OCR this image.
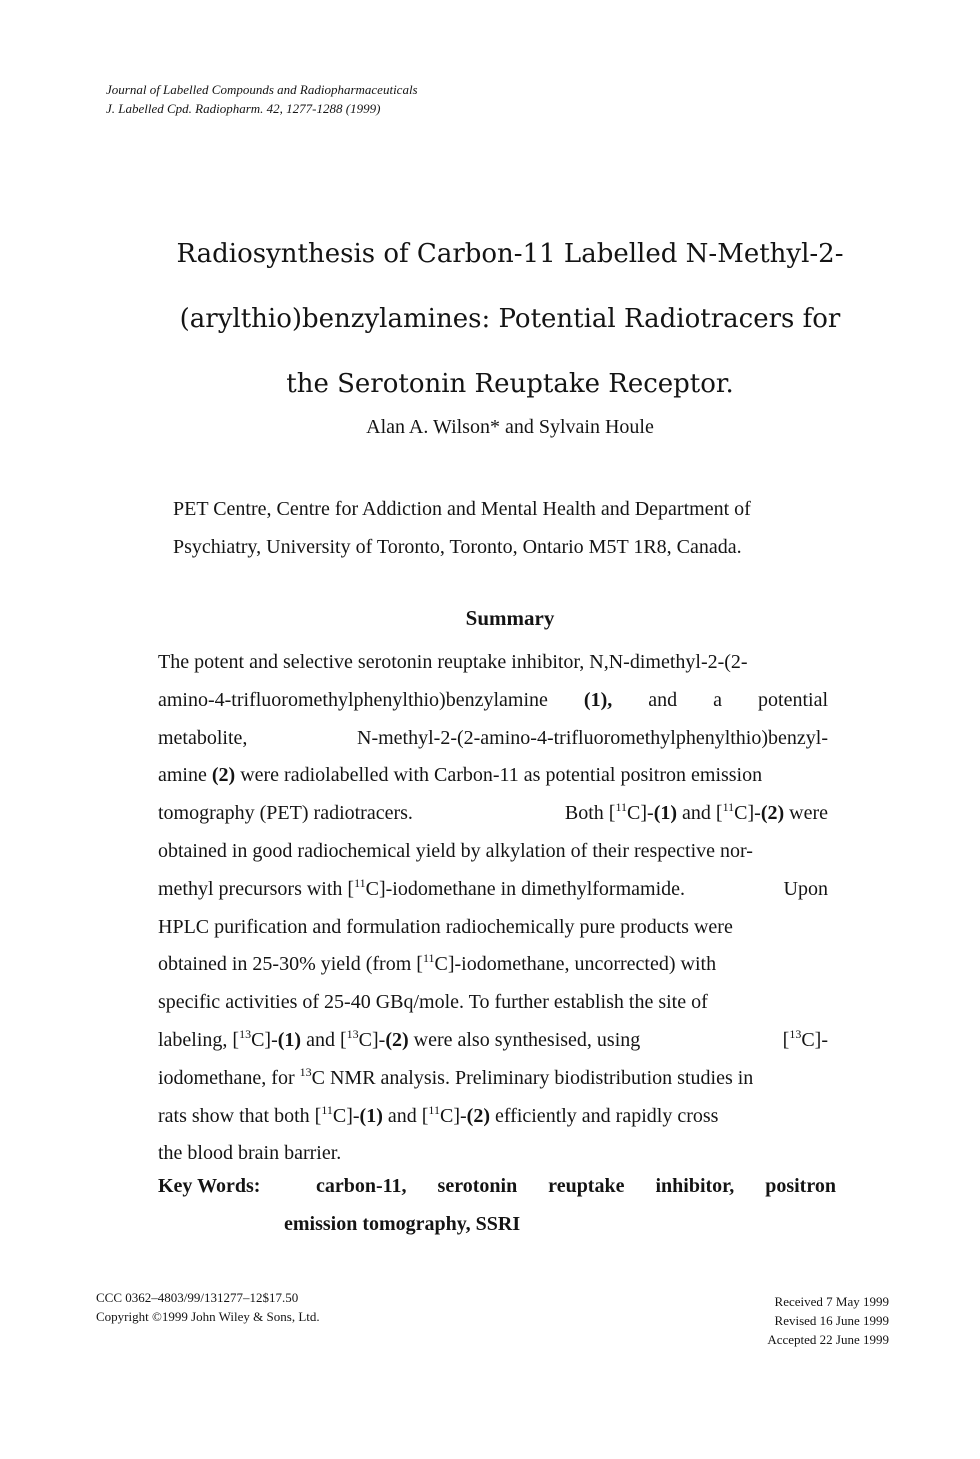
Journal of Labelled Compounds and Radiopharmaceuticals
J. Labelled Cpd. Radiopharm. 42, 1277-1288 (1999)
Radiosynthesis of Carbon-11 Labelled N-Methyl-2-
(arylthio)benzylamines: Potential Radiotracers for
the Serotonin Reuptake Receptor.
Alan A. Wilson* and Sylvain Houle
PET Centre, Centre for Addiction and Mental Health and Department of
Psychiatry, University of Toronto, Toronto, Ontario M5T 1R8, Canada.
Summary
The potent and selective serotonin reuptake inhibitor, N,N-dimethyl-2-(2-
amino-4-trifluoromethylphenylthio)benzylamine (1), and a potential
metabolite,	N-methyl-2-(2-amino-4-trifluoromethylphenylthio)benzyl-
amine (2) were radiolabelled with Carbon-11 as potential positron emission
tomography (PET) radiotracers.	Both [$^{11}$C]-(1) and [$^{11}$C]-(2) were
obtained in good radiochemical yield by alkylation of their respective nor-
methyl precursors with [$^{11}$C]-iodomethane in dimethylformamide.	Upon
HPLC purification and formulation radiochemically pure products were
obtained in 25-30% yield (from [$^{11}$C]-iodomethane, uncorrected) with
specific activities of 25-40 GBq/mole. To further establish the site of
labeling, [$^{13}$C]-(1) and [$^{13}$C]-(2) were also synthesised, using	[$^{13}$C]-
iodomethane, for $^{13}$C NMR analysis. Preliminary biodistribution studies in
rats show that both [$^{11}$C]-(1) and [$^{11}$C]-(2) efficiently and rapidly cross
the blood brain barrier.
Key Words:	carbon-11, serotonin reuptake inhibitor, positron
emission tomography, SSRI
CCC 0362–4803/99/131277–12$17.50
Copyright ©1999 John Wiley & Sons, Ltd.
Received 7 May 1999
Revised 16 June 1999
Accepted 22 June 1999
